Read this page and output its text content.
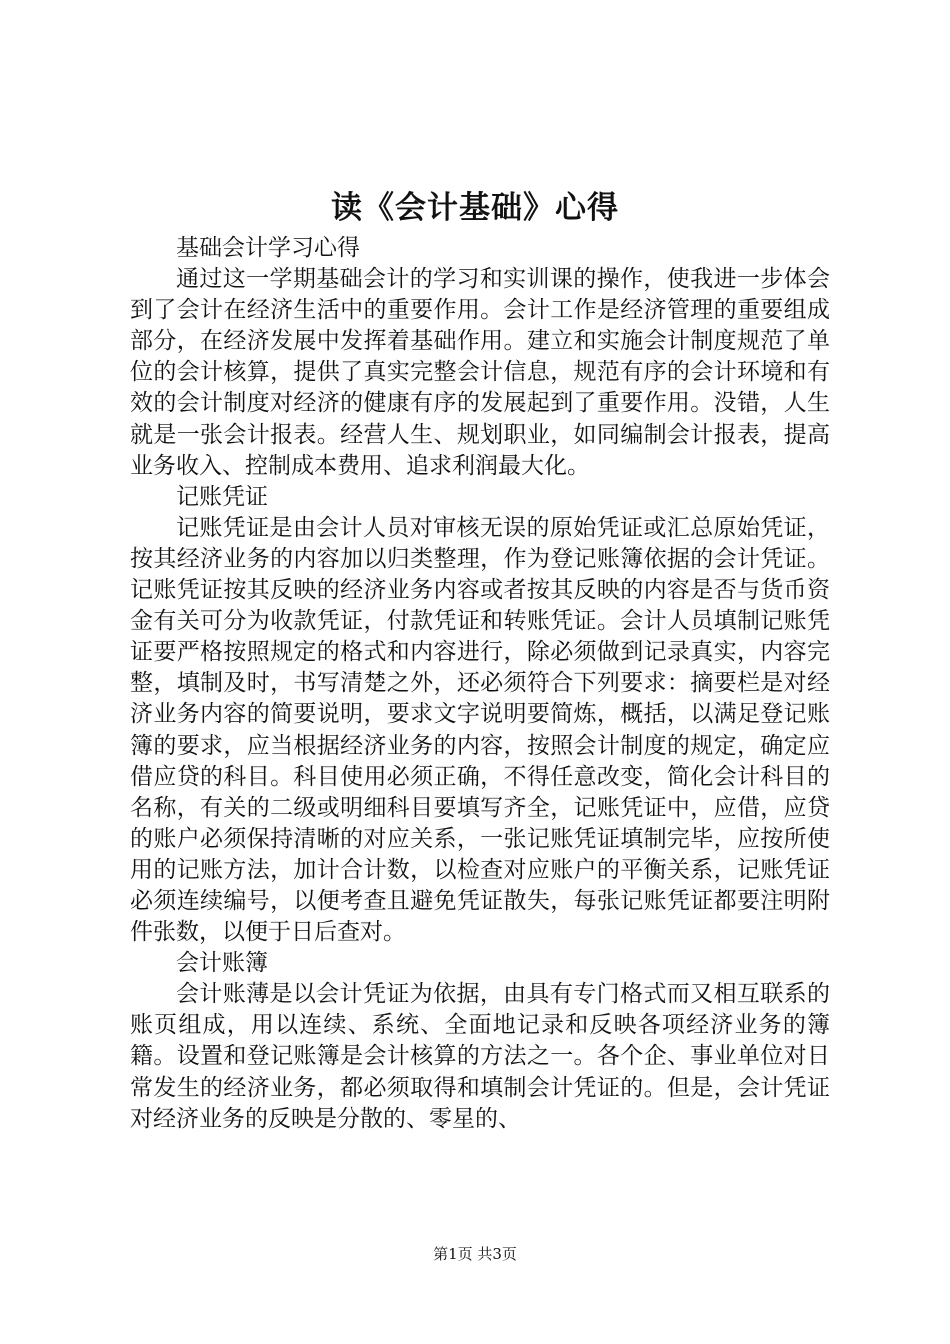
读《会计基础》心得

基础会计学习心得

通过这一学期基础会计的学习和实训课的操作，使我进一步体会到了会计在经济生活中的重要作用。会计工作是经济管理的重要组成部分，在经济发展中发挥着基础作用。建立和实施会计制度规范了单位的会计核算，提供了真实完整会计信息，规范有序的会计环境和有效的会计制度对经济的健康有序的发展起到了重要作用。没错，人生就是一张会计报表。经营人生、规划职业，如同编制会计报表，提高业务收入、控制成本费用、追求利润最大化。

记账凭证

记账凭证是由会计人员对审核无误的原始凭证或汇总原始凭证，按其经济业务的内容加以归类整理，作为登记账簿依据的会计凭证。记账凭证按其反映的经济业务内容或者按其反映的内容是否与货币资金有关可分为收款凭证，付款凭证和转账凭证。会计人员填制记账凭证要严格按照规定的格式和内容进行，除必须做到记录真实，内容完整，填制及时，书写清楚之外，还必须符合下列要求：摘要栏是对经济业务内容的简要说明，要求文字说明要简炼，概括，以满足登记账簿的要求，应当根据经济业务的内容，按照会计制度的规定，确定应借应贷的科目。科目使用必须正确，不得任意改变，简化会计科目的名称，有关的二级或明细科目要填写齐全，记账凭证中，应借，应贷的账户必须保持清晰的对应关系，一张记账凭证填制完毕，应按所使用的记账方法，加计合计数，以检查对应账户的平衡关系，记账凭证必须连续编号，以便考查且避免凭证散失，每张记账凭证都要注明附件张数，以便于日后查对。

会计账簿

会计账薄是以会计凭证为依据，由具有专门格式而又相互联系的账页组成，用以连续、系统、全面地记录和反映各项经济业务的簿籍。设置和登记账簿是会计核算的方法之一。各个企、事业单位对日常发生的经济业务，都必须取得和填制会计凭证的。但是，会计凭证对经济业务的反映是分散的、零星的、

第1页 共3页
